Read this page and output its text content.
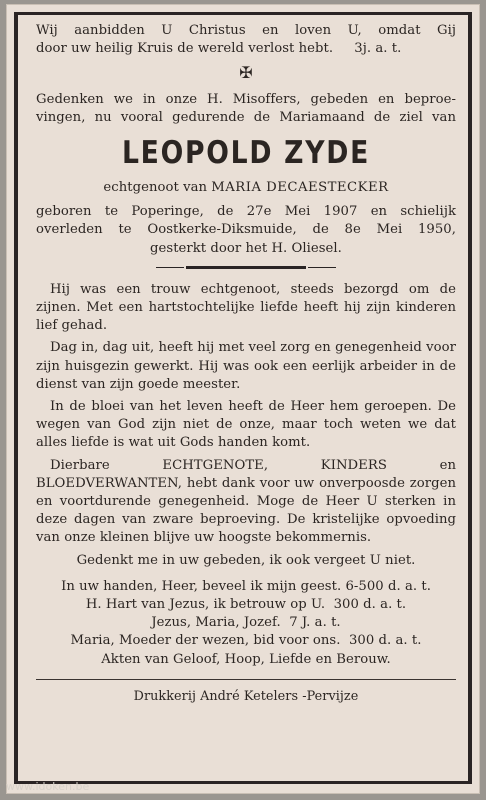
Wij aanbidden U Christus en loven U, omdat Gij

door uw heilig Kruis de wereld verlost hebt.     3j. a. t.

✠

Gedenken we in onze H. Misoffers, gebeden en beproe-

vingen, nu vooral gedurende de Mariamaand de ziel van

LEOPOLD ZYDE

echtgenoot van MARIA DECAESTECKER

geboren te Poperinge, de 27e Mei 1907 en schielijk

overleden te Oostkerke-Diksmuide, de 8e Mei 1950,

gesterkt door het H. Oliesel.

Hij was een trouw echtgenoot, steeds bezorgd om de zijnen. Met een hartstochtelijke liefde heeft hij zijn kinderen lief gehad.

Dag in, dag uit, heeft hij met veel zorg en genegenheid voor zijn huisgezin gewerkt. Hij was ook een eerlijk arbeider in de dienst van zijn goede meester.

In de bloei van het leven heeft de Heer hem geroepen. De wegen van God zijn niet de onze, maar toch weten we dat alles liefde is wat uit Gods handen komt.

Dierbare ECHTGENOTE, KINDERS en BLOEDVERWANTEN, hebt dank voor uw onverpoosde zorgen en voortdurende genegenheid. Moge de Heer U sterken in deze dagen van zware beproeving. De kristelijke opvoeding van onze kleinen blijve uw hoogste bekommernis.

Gedenkt me in uw gebeden, ik ook vergeet U niet.

In uw handen, Heer, beveel ik mijn geest. 6-500 d. a. t.

H. Hart van Jezus, ik betrouw op U.  300 d. a. t.

Jezus, Maria, Jozef.  7 J. a. t.

Maria, Moeder der wezen, bid voor ons.  300 d. a. t.

Akten van Geloof, Hoop, Liefde en Berouw.

Drukkerij André Ketelers -Pervijze

www.idoken.be
